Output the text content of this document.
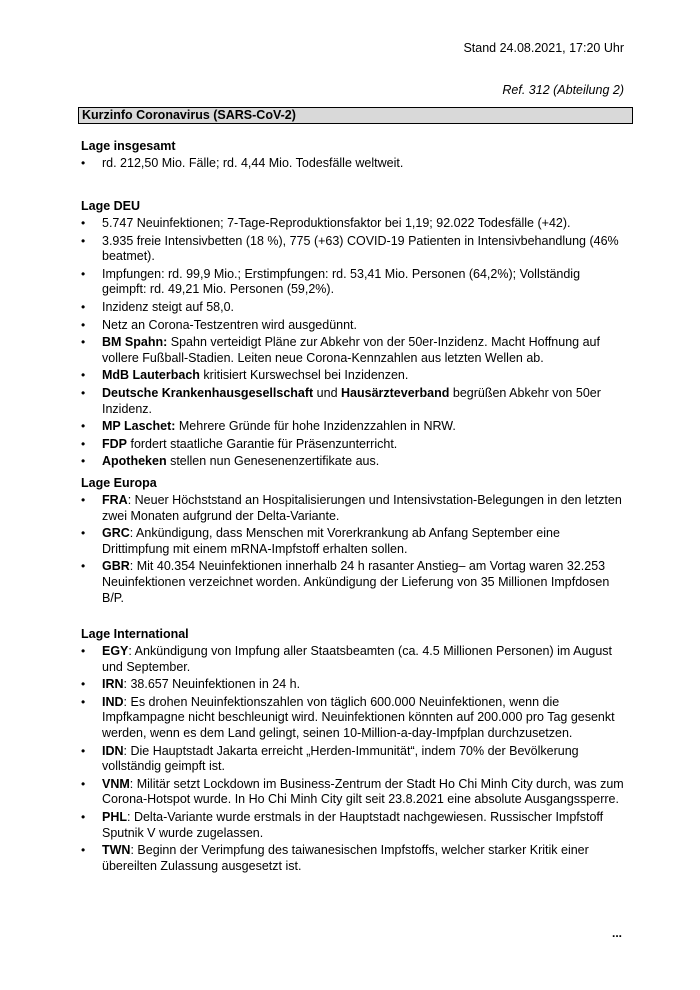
Stand 24.08.2021, 17:20 Uhr
Ref. 312 (Abteilung 2)
Kurzinfo Coronavirus (SARS-CoV-2)
Lage insgesamt
• rd. 212,50 Mio. Fälle; rd. 4,44 Mio. Todesfälle weltweit.
Lage DEU
• 5.747 Neuinfektionen; 7-Tage-Reproduktionsfaktor bei 1,19; 92.022 Todesfälle (+42).
• 3.935 freie Intensivbetten (18 %), 775 (+63) COVID-19 Patienten in Intensivbehandlung (46% beatmet).
• Impfungen: rd. 99,9 Mio.; Erstimpfungen: rd. 53,41 Mio. Personen (64,2%); Vollständig geimpft: rd. 49,21 Mio. Personen (59,2%).
• Inzidenz steigt auf 58,0.
• Netz an Corona-Testzentren wird ausgedünnt.
• BM Spahn: Spahn verteidigt Pläne zur Abkehr von der 50er-Inzidenz. Macht Hoffnung auf vollere Fußball-Stadien. Leiten neue Corona-Kennzahlen aus letzten Wellen ab.
• MdB Lauterbach kritisiert Kurswechsel bei Inzidenzen.
• Deutsche Krankenhausgesellschaft und Hausärzteverband begrüßen Abkehr von 50er Inzidenz.
• MP Laschet: Mehrere Gründe für hohe Inzidenzzahlen in NRW.
• FDP fordert staatliche Garantie für Präsenzunterricht.
• Apotheken stellen nun Genesenenzertifikate aus.
Lage Europa
• FRA: Neuer Höchststand an Hospitalisierungen und Intensivstation-Belegungen in den letzten zwei Monaten aufgrund der Delta-Variante.
• GRC: Ankündigung, dass Menschen mit Vorerkrankung ab Anfang September eine Drittimpfung mit einem mRNA-Impfstoff erhalten sollen.
• GBR: Mit 40.354 Neuinfektionen innerhalb 24 h rasanter Anstieg– am Vortag waren 32.253 Neuinfektionen verzeichnet worden. Ankündigung der Lieferung von 35 Millionen Impfdosen B/P.
Lage International
• EGY: Ankündigung von Impfung aller Staatsbeamten (ca. 4.5 Millionen Personen) im August und September.
• IRN: 38.657 Neuinfektionen in 24 h.
• IND: Es drohen Neuinfektionszahlen von täglich 600.000 Neuinfektionen, wenn die Impfkampagne nicht beschleunigt wird. Neuinfektionen könnten auf 200.000 pro Tag gesenkt werden, wenn es dem Land gelingt, seinen 10-Million-a-day-Impfplan durchzusetzen.
• IDN: Die Hauptstadt Jakarta erreicht „Herden-Immunität“, indem 70% der Bevölkerung vollständig geimpft ist.
• VNM: Militär setzt Lockdown im Business-Zentrum der Stadt Ho Chi Minh City durch, was zum Corona-Hotspot wurde. In Ho Chi Minh City gilt seit 23.8.2021 eine absolute Ausgangssperre.
• PHL: Delta-Variante wurde erstmals in der Hauptstadt nachgewiesen. Russischer Impfstoff Sputnik V wurde zugelassen.
• TWN: Beginn der Verimpfung des taiwanesischen Impfstoffs, welcher starker Kritik einer übereilten Zulassung ausgesetzt ist.
...
